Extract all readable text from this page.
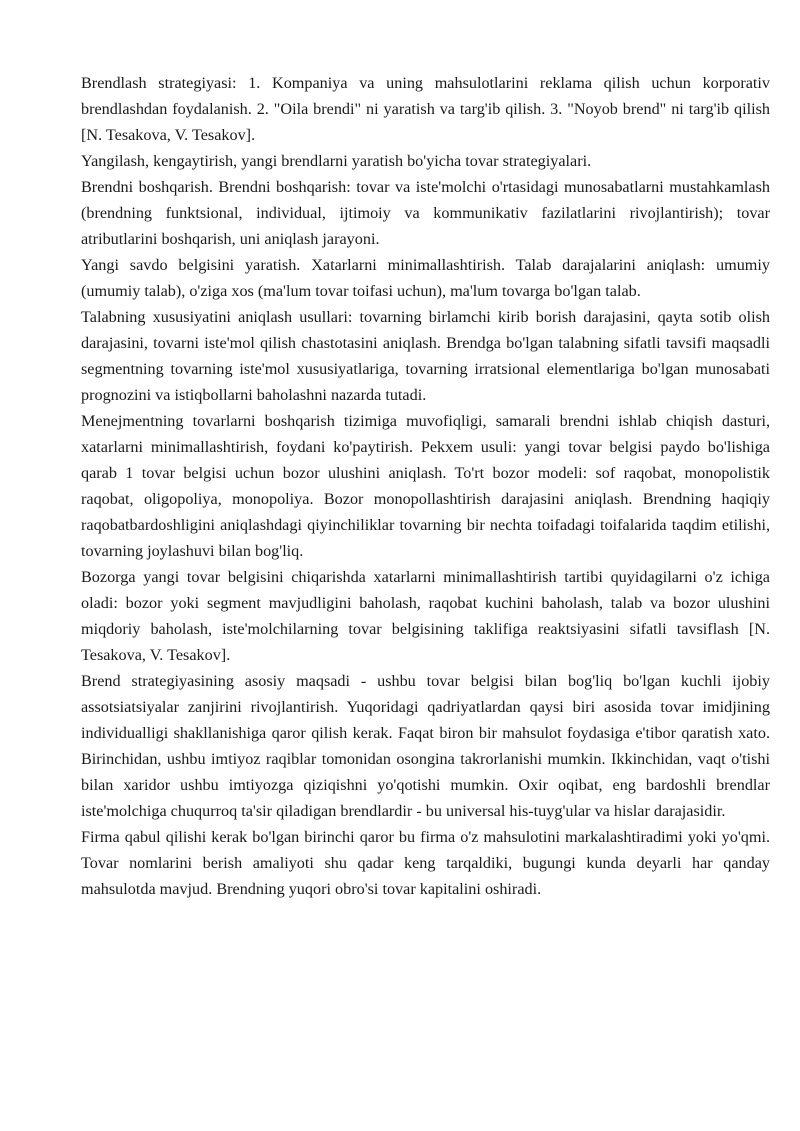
Brendlash strategiyasi: 1. Kompaniya va uning mahsulotlarini reklama qilish uchun korporativ brendlashdan foydalanish. 2. "Oila brendi" ni yaratish va targ'ib qilish. 3. "Noyob brend" ni targ'ib qilish [N. Tesakova, V. Tesakov].

Yangilash, kengaytirish, yangi brendlarni yaratish bo'yicha tovar strategiyalari.

Brendni boshqarish. Brendni boshqarish: tovar va iste'molchi o'rtasidagi munosabatlarni mustahkamlash (brendning funktsional, individual, ijtimoiy va kommunikativ fazilatlarini rivojlantirish); tovar atributlarini boshqarish, uni aniqlash jarayoni.

Yangi savdo belgisini yaratish. Xatarlarni minimallashtirish. Talab darajalarini aniqlash: umumiy (umumiy talab), o'ziga xos (ma'lum tovar toifasi uchun), ma'lum tovarga bo'lgan talab.

Talabning xususiyatini aniqlash usullari: tovarning birlamchi kirib borish darajasini, qayta sotib olish darajasini, tovarni iste'mol qilish chastotasini aniqlash. Brendga bo'lgan talabning sifatli tavsifi maqsadli segmentning tovarning iste'mol xususiyatlariga, tovarning irratsional elementlariga bo'lgan munosabati prognozini va istiqbollarni baholashni nazarda tutadi.

Menejmentning tovarlarni boshqarish tizimiga muvofiqligi, samarali brendni ishlab chiqish dasturi, xatarlarni minimallashtirish, foydani ko'paytirish. Pekxem usuli: yangi tovar belgisi paydo bo'lishiga qarab 1 tovar belgisi uchun bozor ulushini aniqlash. To'rt bozor modeli: sof raqobat, monopolistik raqobat, oligopoliya, monopoliya. Bozor monopollashtirish darajasini aniqlash. Brendning haqiqiy raqobatbardoshligini aniqlashdagi qiyinchiliklar tovarning bir nechta toifadagi toifalarida taqdim etilishi, tovarning joylashuvi bilan bog'liq.

Bozorga yangi tovar belgisini chiqarishda xatarlarni minimallashtirish tartibi quyidagilarni o'z ichiga oladi: bozor yoki segment mavjudligini baholash, raqobat kuchini baholash, talab va bozor ulushini miqdoriy baholash, iste'molchilarning tovar belgisining taklifiga reaktsiyasini sifatli tavsiflash [N. Tesakova, V. Tesakov].

Brend strategiyasining asosiy maqsadi - ushbu tovar belgisi bilan bog'liq bo'lgan kuchli ijobiy assotsiatsiyalar zanjirini rivojlantirish. Yuqoridagi qadriyatlardan qaysi biri asosida tovar imidjining individualligi shakllanishiga qaror qilish kerak. Faqat biron bir mahsulot foydasiga e'tibor qaratish xato. Birinchidan, ushbu imtiyoz raqiblar tomonidan osongina takrorlanishi mumkin. Ikkinchidan, vaqt o'tishi bilan xaridor ushbu imtiyozga qiziqishni yo'qotishi mumkin. Oxir oqibat, eng bardoshli brendlar iste'molchiga chuqurroq ta'sir qiladigan brendlardir - bu universal his-tuyg'ular va hislar darajasidir.

Firma qabul qilishi kerak bo'lgan birinchi qaror bu firma o'z mahsulotini markalashtiradimi yoki yo'qmi. Tovar nomlarini berish amaliyoti shu qadar keng tarqaldiki, bugungi kunda deyarli har qanday mahsulotda mavjud. Brendning yuqori obro'si tovar kapitalini oshiradi.
